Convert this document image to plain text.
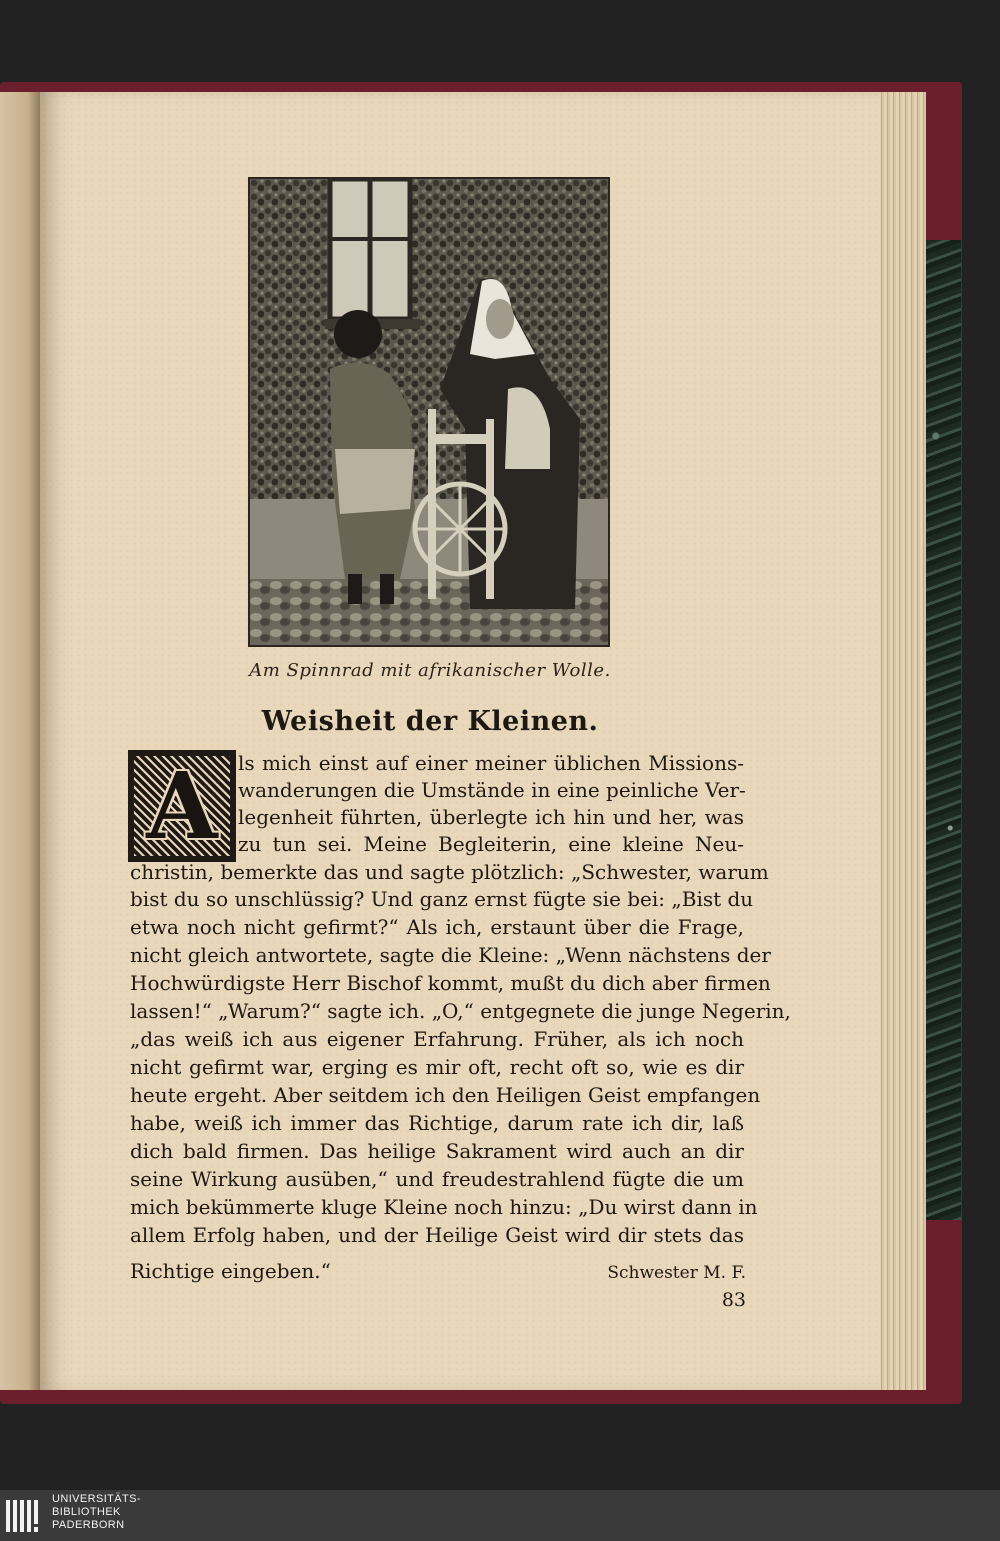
Am Spinnrad mit afrikanischer Wolle.
Weisheit der Kleinen.
A	ls mich einst auf einer meiner üblichen Missions-
wanderungen die Umstände in eine peinliche Ver-
legenheit führten, überlegte ich hin und her, was
zu tun sei. Meine Begleiterin, eine kleine Neu-
christin, bemerkte das und sagte plötzlich: „Schwester, warum
bist du so unschlüssig? Und ganz ernst fügte sie bei: „Bist du
etwa noch nicht gefirmt?“ Als ich, erstaunt über die Frage,
nicht gleich antwortete, sagte die Kleine: „Wenn nächstens der
Hochwürdigste Herr Bischof kommt, mußt du dich aber firmen
lassen!“ „Warum?“ sagte ich. „O,“ entgegnete die junge Negerin,
„das weiß ich aus eigener Erfahrung. Früher, als ich noch
nicht gefirmt war, erging es mir oft, recht oft so, wie es dir
heute ergeht. Aber seitdem ich den Heiligen Geist empfangen
habe, weiß ich immer das Richtige, darum rate ich dir, laß
dich bald firmen. Das heilige Sakrament wird auch an dir
seine Wirkung ausüben,“ und freudestrahlend fügte die um
mich bekümmerte kluge Kleine noch hinzu: „Du wirst dann in
allem Erfolg haben, und der Heilige Geist wird dir stets das
Richtige eingeben.“	Schwester M. F.
83
UNIVERSITÄTS-
BIBLIOTHEK
PADERBORN
